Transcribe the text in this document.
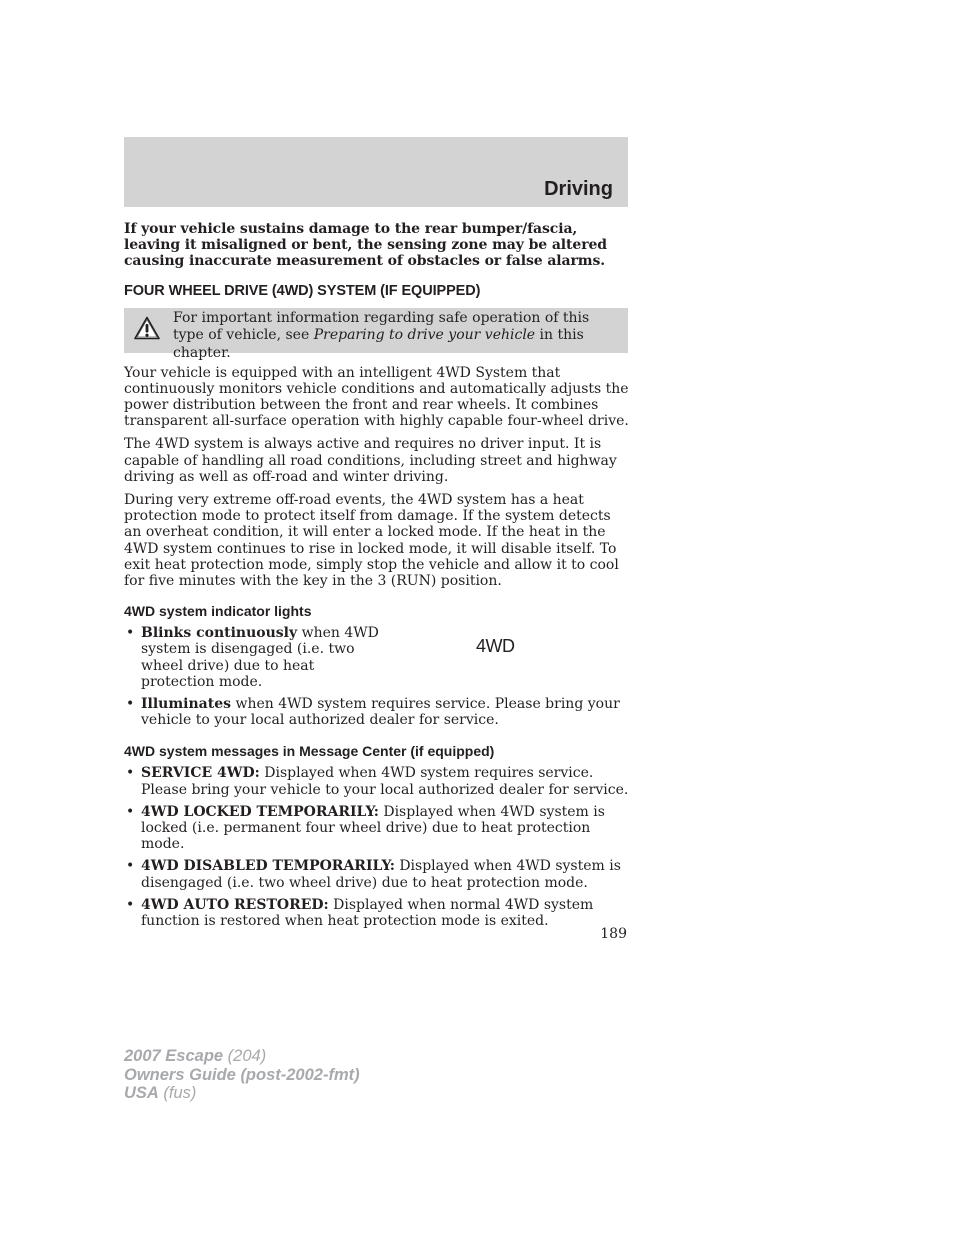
Driving

If your vehicle sustains damage to the rear bumper/fascia, leaving it misaligned or bent, the sensing zone may be altered causing inaccurate measurement of obstacles or false alarms.

FOUR WHEEL DRIVE (4WD) SYSTEM (IF EQUIPPED)
For important information regarding safe operation of this type of vehicle, see Preparing to drive your vehicle in this chapter.

Your vehicle is equipped with an intelligent 4WD System that continuously monitors vehicle conditions and automatically adjusts the power distribution between the front and rear wheels. It combines transparent all-surface operation with highly capable four-wheel drive.

The 4WD system is always active and requires no driver input. It is capable of handling all road conditions, including street and highway driving as well as off-road and winter driving.

During very extreme off-road events, the 4WD system has a heat protection mode to protect itself from damage. If the system detects an overheat condition, it will enter a locked mode. If the heat in the 4WD system continues to rise in locked mode, it will disable itself. To exit heat protection mode, simply stop the vehicle and allow it to cool for five minutes with the key in the 3 (RUN) position.

4WD system indicator lights
• Blinks continuously when 4WD system is disengaged (i.e. two wheel drive) due to heat protection mode.
4WD
• Illuminates when 4WD system requires service. Please bring your vehicle to your local authorized dealer for service.
4WD system messages in Message Center (if equipped)
• SERVICE 4WD: Displayed when 4WD system requires service. Please bring your vehicle to your local authorized dealer for service.
• 4WD LOCKED TEMPORARILY: Displayed when 4WD system is locked (i.e. permanent four wheel drive) due to heat protection mode.
• 4WD DISABLED TEMPORARILY: Displayed when 4WD system is disengaged (i.e. two wheel drive) due to heat protection mode.
• 4WD AUTO RESTORED: Displayed when normal 4WD system function is restored when heat protection mode is exited.
189
2007 Escape (204)
Owners Guide (post-2002-fmt)
USA (fus)
